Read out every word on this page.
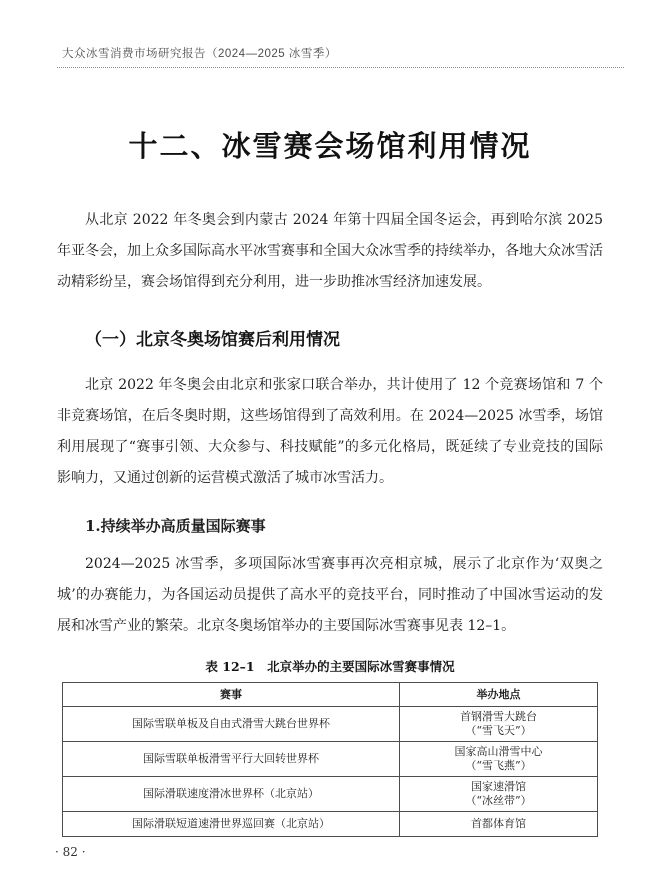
大众冰雪消费市场研究报告（2024—2025 冰雪季）
十二、冰雪赛会场馆利用情况
从北京 2022 年冬奥会到内蒙古 2024 年第十四届全国冬运会，再到哈尔滨 2025 年亚冬会，加上众多国际高水平冰雪赛事和全国大众冰雪季的持续举办，各地大众冰雪活动精彩纷呈，赛会场馆得到充分利用，进一步助推冰雪经济加速发展。
（一）北京冬奥场馆赛后利用情况
北京 2022 年冬奥会由北京和张家口联合举办，共计使用了 12 个竞赛场馆和 7 个非竞赛场馆，在后冬奥时期，这些场馆得到了高效利用。在 2024—2025 冰雪季，场馆利用展现了“赛事引领、大众参与、科技赋能”的多元化格局，既延续了专业竞技的国际影响力，又通过创新的运营模式激活了城市冰雪活力。
1.持续举办高质量国际赛事
2024—2025 冰雪季，多项国际冰雪赛事再次亮相京城，展示了北京作为‘双奥之城’的办赛能力，为各国运动员提供了高水平的竞技平台，同时推动了中国冰雪运动的发展和冰雪产业的繁荣。北京冬奥场馆举办的主要国际冰雪赛事见表 12–1。
表 12–1　北京举办的主要国际冰雪赛事情况
赛事	举办地点
国际雪联单板及自由式滑雪大跳台世界杯	首钢滑雪大跳台
（“雪飞天”）

国际雪联单板滑雪平行大回转世界杯	国家高山滑雪中心
（“雪飞燕”）

国际滑联速度滑冰世界杯（北京站）	国家速滑馆
（“冰丝带”）

国际滑联短道速滑世界巡回赛（北京站）	首都体育馆
· 82 ·
